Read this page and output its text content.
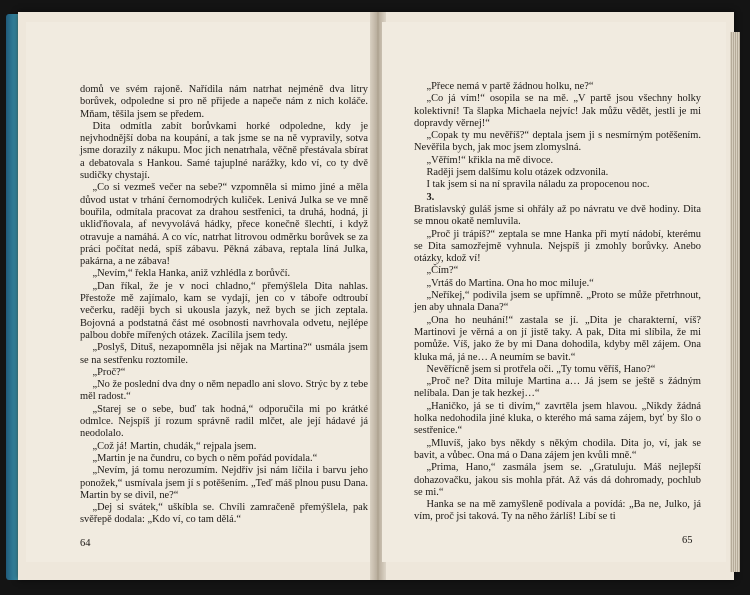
domů ve svém rajoně. Nařídila nám natrhat nejméně dva litry borůvek, odpoledne si pro ně přijede a napeče nám z nich koláče. Mňam, těšila jsem se předem.

Dita odmítla zabít borůvkami horké odpoledne, kdy je nejvhodnější doba na koupání, a tak jsme se na ně vypravily, sotva jsme dorazily z nákupu. Moc jich nenatrhala, věčně přestávala sbírat a debatovala s Hankou. Samé tajuplné narážky, kdo ví, co ty dvě sudičky chystají.

„Co si vezmeš večer na sebe?“ vzpomněla si mimo jiné a měla důvod ustat v trhání černomodrých kuliček. Lenivá Julka se ve mně bouřila, odmítala pracovat za drahou sestřenici, ta druhá, hodná, ji ukliďňovala, af nevyvolává hádky, přece konečně šlechtí, i když otravuje a namáhá. A co víc, natrhat litrovou odměrku borůvek se za práci počítat nedá, spíš zábavu. Pěkná zábava, reptala líná Julka, pakárna, a ne zábava!

„Nevím,“ řekla Hanka, aniž vzhlédla z borůvčí.

„Dan říkal, že je v noci chladno,“ přemýšlela Dita nahlas. Přestože mě zajímalo, kam se vydají, jen co v táboře odtroubí večerku, raději bych si ukousla jazyk, než bych se jich zeptala. Bojovná a podstatná část mé osobnosti navrhovala odvetu, nejlépe palbou dobře mířených otázek. Zacílila jsem tedy.

„Poslyš, Dituš, nezapomněla jsi nějak na Martina?“ usmála jsem se na sestřenku roztomile.

„Proč?“

„No že poslední dva dny o něm nepadlo ani slovo. Strýc by z tebe měl radost.“

„Starej se o sebe, buď tak hodná,“ odporučila mi po krátké odmlce. Nejspíš jí rozum správně radil mlčet, ale její hádavé já neodolalo.

„Což já! Martin, chudák,“ rejpala jsem.

„Martin je na čundru, co bych o něm pořád povídala.“

„Nevím, já tomu nerozumím. Nejdřív jsi nám líčila i barvu jeho ponožek,“ usmívala jsem jí s potěšením. „Teď máš plnou pusu Dana. Martin by se divil, ne?“

„Dej si svátek,“ uškíbla se. Chvíli zamračeně přemýšlela, pak svěřepě dodala: „Kdo ví, co tam dělá.“

64

„Přece nemá v partě žádnou holku, ne?“

„Co já vím!“ osopila se na mě. „V partě jsou všechny holky kolektivní! Ta šlapka Michaela nejvíc! Jak můžu vědět, jestli je mi dopravdy věrnej!“

„Copak ty mu nevěříš?“ deptala jsem ji s nesmírným potěšením. Nevěřila bych, jak moc jsem zlomyslná.

„Věřím!“ křikla na mě divoce.

Raději jsem dalšímu kolu otázek odzvonila.

I tak jsem si na ní spravila náladu za propocenou noc.

3.

Bratislavský guláš jsme si ohřály až po návratu ve dvě hodiny. Dita se mnou okatě nemluvila.

„Proč ji trápíš?“ zeptala se mne Hanka při mytí nádobí, kterému se Dita samozřejmě vyhnula. Nejspíš ji zmohly borůvky. Anebo otázky, kdož ví!

„Čím?“

„Vrtáš do Martina. Ona ho moc miluje.“

„Neříkej,“ podivila jsem se upřímně. „Proto se může přetrhnout, jen aby uhnala Dana?“

„Ona ho neuhání!“ zastala se jí. „Dita je charakterní, víš? Martinovi je věrná a on jí jistě taky. A pak, Dita mi slíbila, že mi pomůže. Víš, jako že by mi Dana dohodila, kdyby měl zájem. Ona kluka má, já ne… A neumím se bavit.“

Nevěřícně jsem si protřela oči. „Ty tomu věříš, Hano?“

„Proč ne? Dita miluje Martina a… Já jsem se ještě s žádným nelíbala. Dan je tak hezkej…“

„Haničko, já se ti divím,“ zavrtěla jsem hlavou. „Nikdy žádná holka nedohodila jiné kluka, o kterého má sama zájem, byť by šlo o sestřenice.“

„Mluvíš, jako bys někdy s někým chodila. Dita jo, ví, jak se bavit, a vůbec. Ona má o Dana zájem jen kvůli mně.“

„Prima, Hano,“ zasmála jsem se. „Gratuluju. Máš nejlepší dohazovačku, jakou sis mohla přát. Až vás dá dohromady, pochlub se mi.“

Hanka se na mě zamyšleně podívala a povídá: „Ba ne, Julko, já vím, proč jsi taková. Ty na něho žárlíš! Líbí se ti

65
